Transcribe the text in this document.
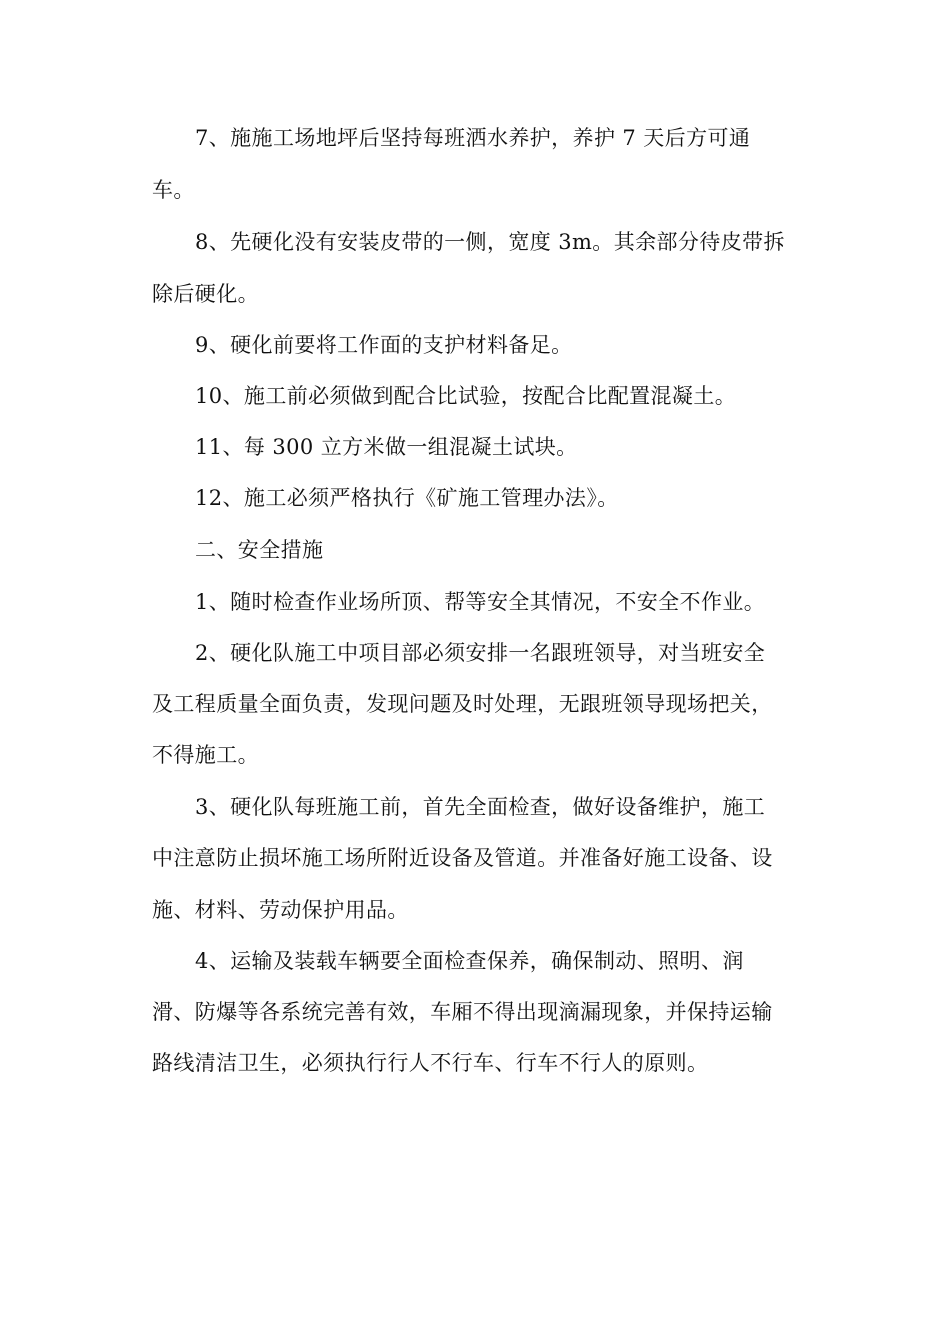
7、施施工场地坪后坚持每班洒水养护，养护 7 天后方可通
车。
8、先硬化没有安装皮带的一侧，宽度 3m。其余部分待皮带拆
除后硬化。
9、硬化前要将工作面的支护材料备足。
10、施工前必须做到配合比试验，按配合比配置混凝土。
11、每 300 立方米做一组混凝土试块。
12、施工必须严格执行《矿施工管理办法》。
二、安全措施
1、随时检查作业场所顶、帮等安全其情况，不安全不作业。
2、硬化队施工中项目部必须安排一名跟班领导，对当班安全
及工程质量全面负责，发现问题及时处理，无跟班领导现场把关，
不得施工。
3、硬化队每班施工前，首先全面检查，做好设备维护，施工
中注意防止损坏施工场所附近设备及管道。并准备好施工设备、设
施、材料、劳动保护用品。
4、运输及装载车辆要全面检查保养，确保制动、照明、润
滑、防爆等各系统完善有效，车厢不得出现滴漏现象，并保持运输
路线清洁卫生，必须执行行人不行车、行车不行人的原则。
